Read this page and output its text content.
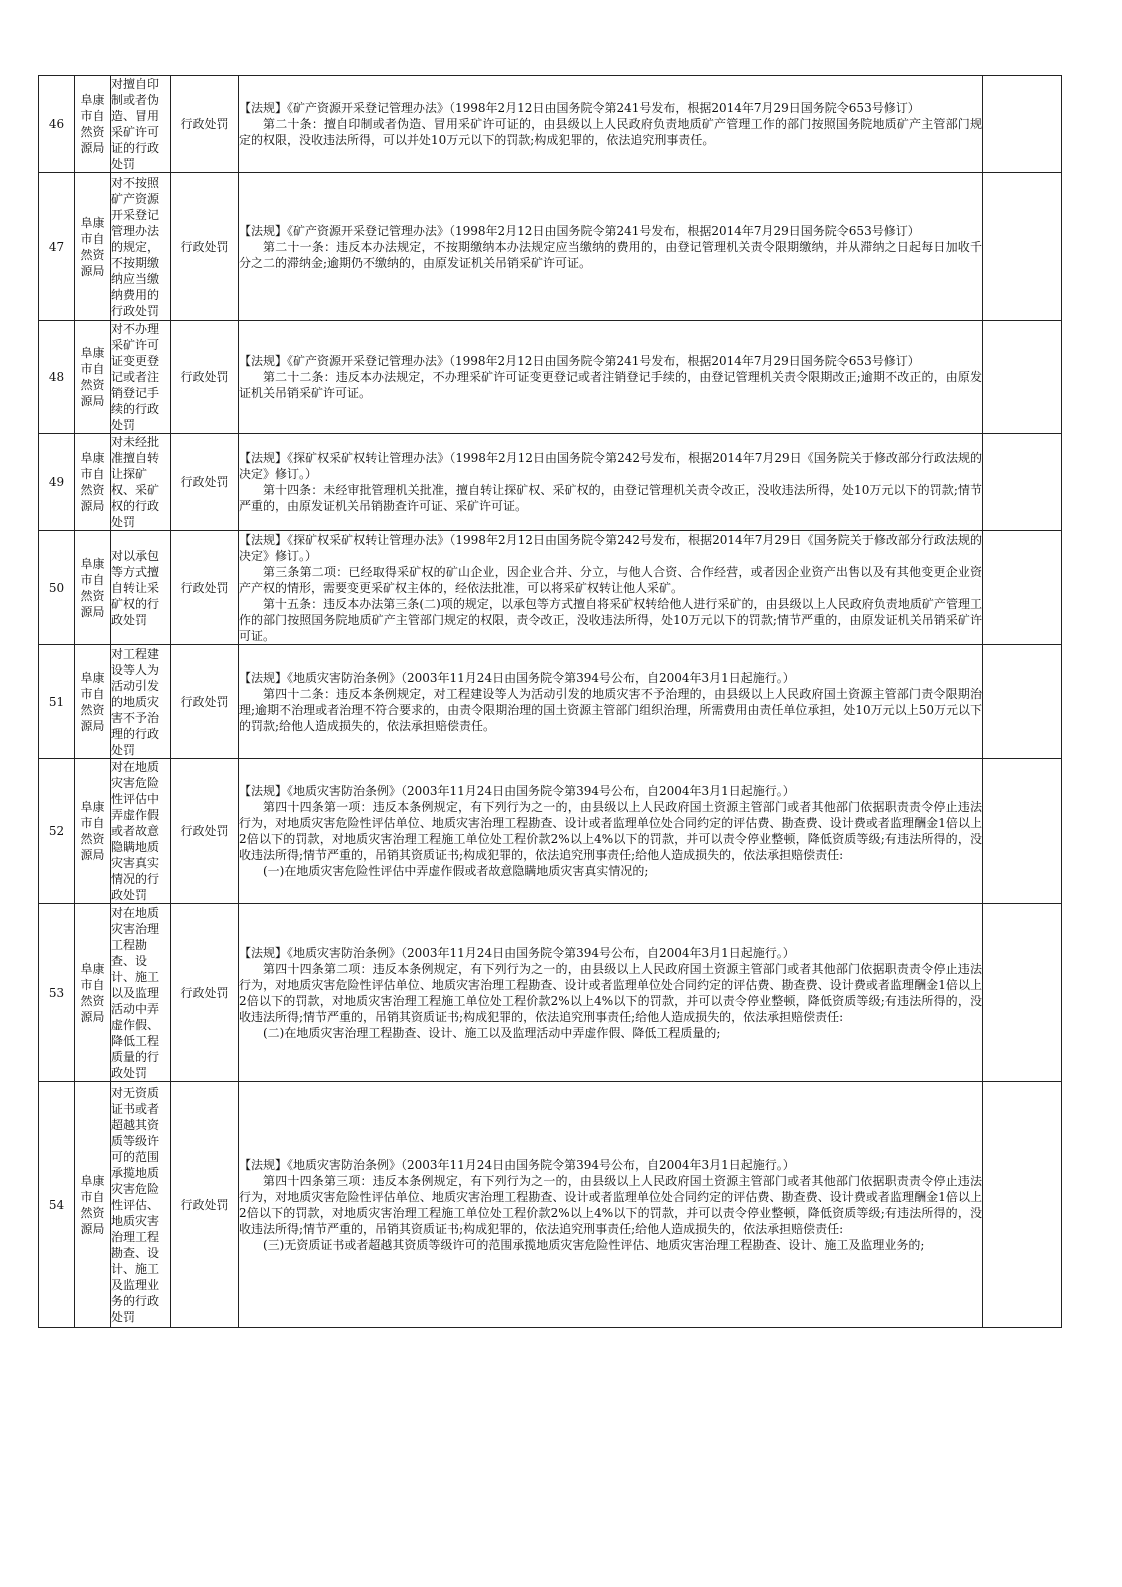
46	阜康市自然资源局	对擅自印制或者伪造、冒用采矿许可证的行政处罚	行政处罚	【法规】《矿产资源开采登记管理办法》（1998年2月12日由国务院令第241号发布，根据2014年7月29日国务院令653号修订）

第二十条：擅自印制或者伪造、冒用采矿许可证的，由县级以上人民政府负责地质矿产管理工作的部门按照国务院地质矿产主管部门规定的权限，没收违法所得，可以并处10万元以下的罚款;构成犯罪的，依法追究刑事责任。	

47	阜康市自然资源局	对不按照矿产资源开采登记管理办法的规定，不按期缴纳应当缴纳费用的行政处罚	行政处罚	【法规】《矿产资源开采登记管理办法》（1998年2月12日由国务院令第241号发布，根据2014年7月29日国务院令653号修订）

第二十一条：违反本办法规定，不按期缴纳本办法规定应当缴纳的费用的，由登记管理机关责令限期缴纳，并从滞纳之日起每日加收千分之二的滞纳金;逾期仍不缴纳的，由原发证机关吊销采矿许可证。	

48	阜康市自然资源局	对不办理采矿许可证变更登记或者注销登记手续的行政处罚	行政处罚	【法规】《矿产资源开采登记管理办法》（1998年2月12日由国务院令第241号发布，根据2014年7月29日国务院令653号修订）

第二十二条：违反本办法规定，不办理采矿许可证变更登记或者注销登记手续的，由登记管理机关责令限期改正;逾期不改正的，由原发证机关吊销采矿许可证。	

49	阜康市自然资源局	对未经批准擅自转让探矿权、采矿权的行政处罚	行政处罚	【法规】《探矿权采矿权转让管理办法》（1998年2月12日由国务院令第242号发布，根据2014年7月29日《国务院关于修改部分行政法规的决定》修订。）

第十四条：未经审批管理机关批准，擅自转让探矿权、采矿权的，由登记管理机关责令改正，没收违法所得，处10万元以下的罚款;情节严重的，由原发证机关吊销勘查许可证、采矿许可证。	

50	阜康市自然资源局	对以承包等方式擅自转让采矿权的行政处罚	行政处罚	【法规】《探矿权采矿权转让管理办法》（1998年2月12日由国务院令第242号发布，根据2014年7月29日《国务院关于修改部分行政法规的决定》修订。）

第三条第二项：已经取得采矿权的矿山企业，因企业合并、分立，与他人合资、合作经营，或者因企业资产出售以及有其他变更企业资产产权的情形，需要变更采矿权主体的，经依法批准，可以将采矿权转让他人采矿。

第十五条：违反本办法第三条(二)项的规定，以承包等方式擅自将采矿权转给他人进行采矿的，由县级以上人民政府负责地质矿产管理工作的部门按照国务院地质矿产主管部门规定的权限，责令改正，没收违法所得，处10万元以下的罚款;情节严重的，由原发证机关吊销采矿许可证。	

51	阜康市自然资源局	对工程建设等人为活动引发的地质灾害不予治理的行政处罚	行政处罚	【法规】《地质灾害防治条例》（2003年11月24日由国务院令第394号公布，自2004年3月1日起施行。）

第四十二条：违反本条例规定，对工程建设等人为活动引发的地质灾害不予治理的，由县级以上人民政府国土资源主管部门责令限期治理;逾期不治理或者治理不符合要求的，由责令限期治理的国土资源主管部门组织治理，所需费用由责任单位承担，处10万元以上50万元以下的罚款;给他人造成损失的，依法承担赔偿责任。	

52	阜康市自然资源局	对在地质灾害危险性评估中弄虚作假或者故意隐瞒地质灾害真实情况的行政处罚	行政处罚	【法规】《地质灾害防治条例》（2003年11月24日由国务院令第394号公布，自2004年3月1日起施行。）

第四十四条第一项：违反本条例规定，有下列行为之一的，由县级以上人民政府国土资源主管部门或者其他部门依据职责责令停止违法行为，对地质灾害危险性评估单位、地质灾害治理工程勘查、设计或者监理单位处合同约定的评估费、勘查费、设计费或者监理酬金1倍以上2倍以下的罚款，对地质灾害治理工程施工单位处工程价款2%以上4%以下的罚款，并可以责令停业整顿，降低资质等级;有违法所得的，没收违法所得;情节严重的，吊销其资质证书;构成犯罪的，依法追究刑事责任;给他人造成损失的，依法承担赔偿责任:

(一)在地质灾害危险性评估中弄虚作假或者故意隐瞒地质灾害真实情况的;	

53	阜康市自然资源局	对在地质灾害治理工程勘查、设计、施工以及监理活动中弄虚作假、降低工程质量的行政处罚	行政处罚	【法规】《地质灾害防治条例》（2003年11月24日由国务院令第394号公布，自2004年3月1日起施行。）

第四十四条第二项：违反本条例规定，有下列行为之一的，由县级以上人民政府国土资源主管部门或者其他部门依据职责责令停止违法行为，对地质灾害危险性评估单位、地质灾害治理工程勘查、设计或者监理单位处合同约定的评估费、勘查费、设计费或者监理酬金1倍以上2倍以下的罚款，对地质灾害治理工程施工单位处工程价款2%以上4%以下的罚款，并可以责令停业整顿，降低资质等级;有违法所得的，没收违法所得;情节严重的，吊销其资质证书;构成犯罪的，依法追究刑事责任;给他人造成损失的，依法承担赔偿责任:

(二)在地质灾害治理工程勘查、设计、施工以及监理活动中弄虚作假、降低工程质量的;	

54	阜康市自然资源局	对无资质证书或者超越其资质等级许可的范围承揽地质灾害危险性评估、地质灾害治理工程勘查、设计、施工及监理业务的行政处罚	行政处罚	【法规】《地质灾害防治条例》（2003年11月24日由国务院令第394号公布，自2004年3月1日起施行。）

第四十四条第三项：违反本条例规定，有下列行为之一的，由县级以上人民政府国土资源主管部门或者其他部门依据职责责令停止违法行为，对地质灾害危险性评估单位、地质灾害治理工程勘查、设计或者监理单位处合同约定的评估费、勘查费、设计费或者监理酬金1倍以上2倍以下的罚款，对地质灾害治理工程施工单位处工程价款2%以上4%以下的罚款，并可以责令停业整顿，降低资质等级;有违法所得的，没收违法所得;情节严重的，吊销其资质证书;构成犯罪的，依法追究刑事责任;给他人造成损失的，依法承担赔偿责任:

(三)无资质证书或者超越其资质等级许可的范围承揽地质灾害危险性评估、地质灾害治理工程勘查、设计、施工及监理业务的;	
